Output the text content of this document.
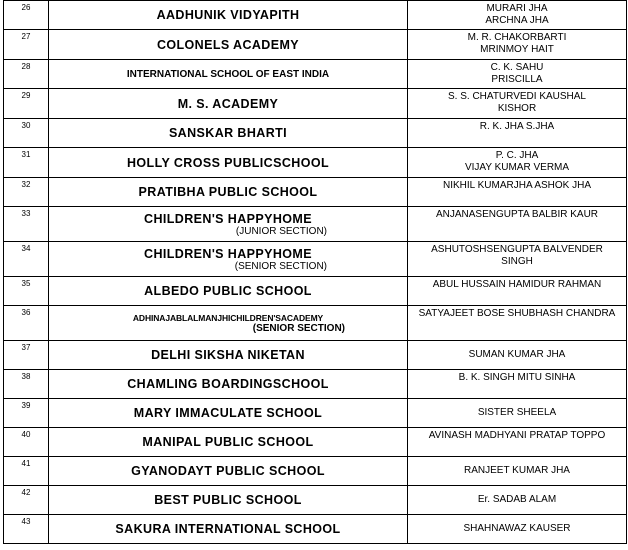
26	AADHUNIK VIDYAPITH	MURARI JHA
ARCHNA JHA

27	COLONELS ACADEMY	M. R. CHAKORBARTI
MRINMOY HAIT

28	INTERNATIONAL SCHOOL OF EAST INDIA	C. K. SAHU
PRISCILLA

29	M. S. ACADEMY	S. S. CHATURVEDI KAUSHAL
KISHOR

30	SANSKAR BHARTI	R. K. JHA S.JHA

31	HOLLY CROSS PUBLICSCHOOL	P. C. JHA
VIJAY KUMAR VERMA

32	PRATIBHA PUBLIC SCHOOL	NIKHIL KUMARJHA ASHOK JHA

33	CHILDREN'S HAPPYHOME
(JUNIOR SECTION)	ANJANASENGUPTA BALBIR KAUR

34	CHILDREN'S HAPPYHOME
(SENIOR SECTION)	ASHUTOSHSENGUPTA BALVENDER
SINGH

35	ALBEDO PUBLIC SCHOOL	ABUL HUSSAIN HAMIDUR RAHMAN

36	ADHINAJABLALMANJHICHILDREN'SACADEMY
(SENIOR SECTION)	SATYAJEET BOSE SHUBHASH CHANDRA

37	DELHI SIKSHA NIKETAN	SUMAN KUMAR JHA

38	CHAMLING BOARDINGSCHOOL	B. K. SINGH MITU SINHA

39	MARY IMMACULATE SCHOOL	SISTER SHEELA

40	MANIPAL PUBLIC SCHOOL	AVINASH MADHYANI PRATAP TOPPO

41	GYANODAYT PUBLIC SCHOOL	RANJEET KUMAR JHA

42	BEST PUBLIC SCHOOL	Er. SADAB ALAM

43	SAKURA INTERNATIONAL SCHOOL	SHAHNAWAZ KAUSER
